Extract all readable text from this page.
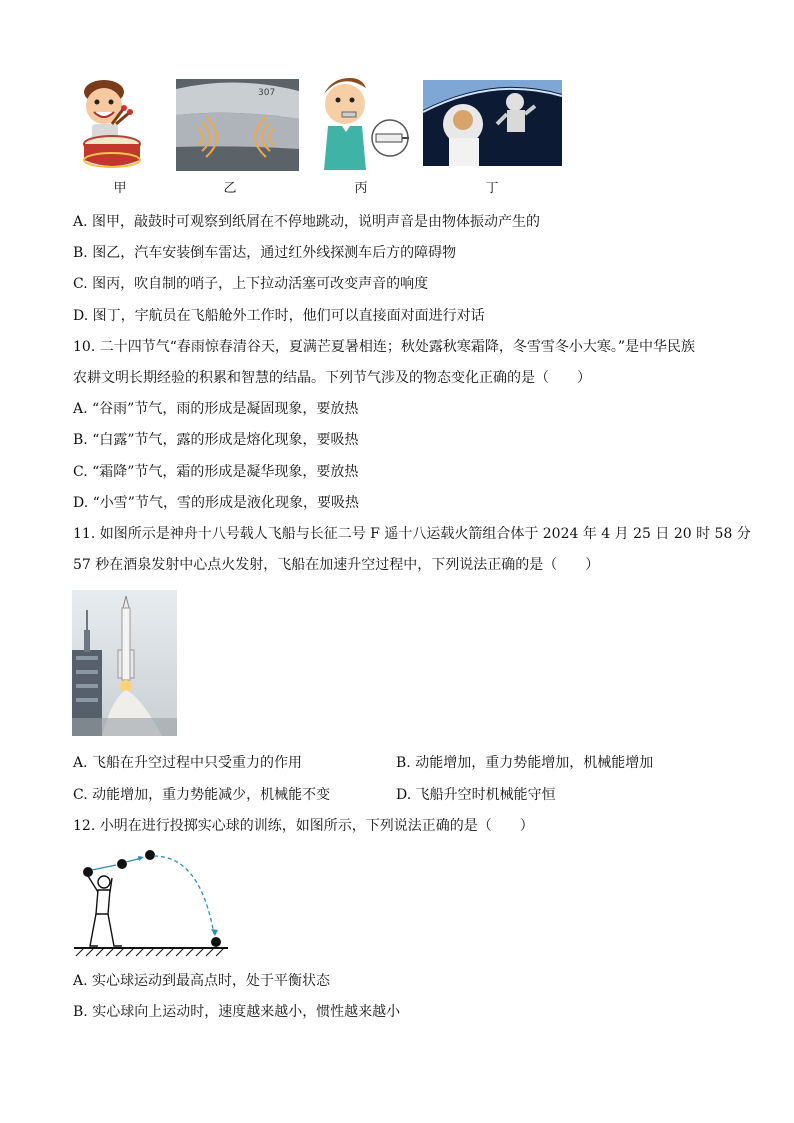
307
甲	乙	丙	丁
A. 图甲，敲鼓时可观察到纸屑在不停地跳动，说明声音是由物体振动产生的
B. 图乙，汽车安装倒车雷达，通过红外线探测车后方的障碍物
C. 图丙，吹自制的哨子，上下拉动活塞可改变声音的响度
D. 图丁，宇航员在飞船舱外工作时，他们可以直接面对面进行对话
10. 二十四节气“春雨惊春清谷天，夏满芒夏暑相连；秋处露秋寒霜降，冬雪雪冬小大寒。”是中华民族
农耕文明长期经验的积累和智慧的结晶。下列节气涉及的物态变化正确的是（　　）
A. “谷雨”节气，雨的形成是凝固现象，要放热
B. “白露”节气，露的形成是熔化现象，要吸热
C. “霜降”节气，霜的形成是凝华现象，要放热
D. “小雪”节气，雪的形成是液化现象，要吸热
11. 如图所示是神舟十八号载人飞船与长征二号 F 遥十八运载火箭组合体于 2024 年 4 月 25 日 20 时 58 分
57 秒在酒泉发射中心点火发射，飞船在加速升空过程中，下列说法正确的是（　　）
A. 飞船在升空过程中只受重力的作用	B. 动能增加，重力势能增加，机械能增加
C. 动能增加，重力势能减少，机械能不变	D. 飞船升空时机械能守恒
12. 小明在进行投掷实心球的训练，如图所示，下列说法正确的是（　　）
A. 实心球运动到最高点时，处于平衡状态
B. 实心球向上运动时，速度越来越小，惯性越来越小
